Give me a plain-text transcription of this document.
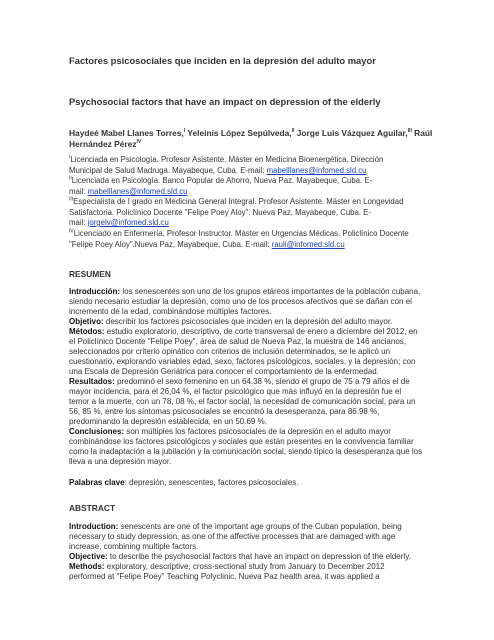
Factores psicosociales que inciden en la depresión del adulto mayor

Psychosocial factors that have an impact on depression of the elderly

Haydeé Mabel Llanes Torres,$^I$ Yeleinis López Sepúlveda,$^{II}$ Jorge Luis Vázquez Aguilar,$^{III}$ Raúl

Hernández Pérez$^{IV}$

$^I$Licenciada en Psicología. Profesor Asistente. Máster en Medicina Bioenergética. Dirección

Municipal de Salud Madruga. Mayabeque, Cuba. E-mail: mabelllanes@infomed.sld.cu

$^{II}$Licenciada en Psicología. Banco Popular de Ahorro, Nueva Paz. Mayabeque, Cuba. E-

mail: mabelllanes@infomed.sld.cu

$^{III}$Especialista de I grado en Medicina General Integral. Profesor Asistente. Máster en Longevidad

Satisfactoria. Policlínico Docente "Felipe Poey Aloy". Nueva Paz, Mayabeque, Cuba. E-

mail: jorgelv@infomed.sld.cu

$^{IV}$Licenciado en Enfermería. Profesor Instructor. Máster en Urgencias Médicas. Policlínico Docente

"Felipe Poey Aloy".Nueva Paz, Mayabeque, Cuba. E-mail: rauli@infomed.sld.cu

RESUMEN

Introducción: los senescentes son uno de los grupos etáreos importantes de la población cubana,

siendo necesario estudiar la depresión, como uno de los procesos afectivos que se dañan con el

incremento de la edad, combinándose múltiples factores.

Objetivo: describir los factores psicosociales que inciden en la depresión del adulto mayor.

Métodos: estudio exploratorio, descriptivo, de corte transversal de enero a diciembre del 2012, en

el Policlínico Docente "Felipe Poey", área de salud de Nueva Paz, la muestra de 146 ancianos,

seleccionados por criterio opinático con criterios de inclusión determinados, se le aplicó un

cuestionario, explorando variables edad, sexo, factores psicológicos, sociales, y la depresión; con

una Escala de Depresión Geriátrica para conocer el comportamiento de la enfermedad.

Resultados: predominó el sexo femenino en un 64.38 %, siendo el grupo de 75 a 79 años el de

mayor incidencia, para el 26,04 %, el factor psicológico que más influyó en la depresión fue el

temor a la muerte, con un 78, 08 %, el factor social, la necesidad de comunicación social, para un

56, 85 %, entre los síntomas psicosociales se encontró la desesperanza, para 86.98 %,

predominando la depresión establecida, en un 50.69 %.

Conclusiones: son múltiples los factores psicosociales de la depresión en el adulto mayor

combinándose los factores psicológicos y sociales que están presentes en la convivencia familiar

como la inadaptación a la jubilación y la comunicación social, siendo típico la desesperanza que los

lleva a una depresión mayor.

Palabras clave: depresión, senescentes, factores psicosociales.

ABSTRACT

Introduction: senescents are one of the important age groups of the Cuban population, being

necessary to study depression, as one of the affective processes that are damaged with age

increase, combining multiple factors.

Objective: to describe the psychosocial factors that have an impact on depression of the elderly.

Methods: exploratory, descriptive, cross-sectional study from January to December 2012

performed at "Felipe Poey" Teaching Polyclinic, Nueva Paz health area, it was applied a
